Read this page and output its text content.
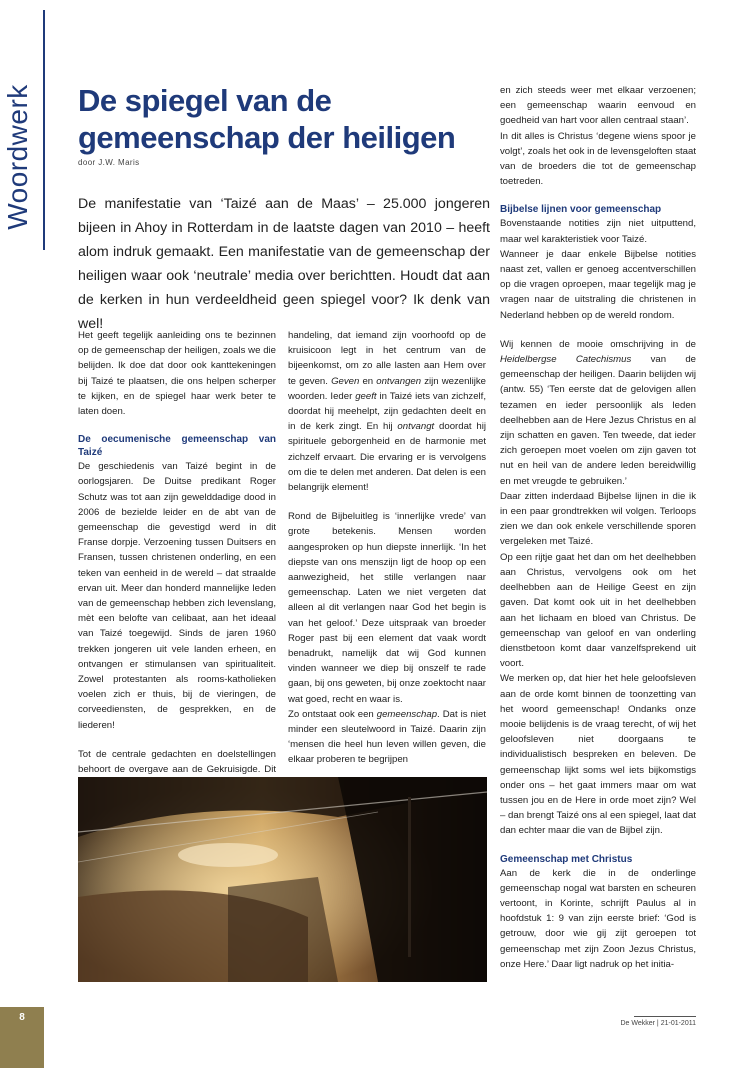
Woordwerk De spiegel van de gemeenschap der heiligen
door J.W. Maris

De manifestatie van ‘Taizé aan de Maas’ – 25.000 jongeren bijeen in Ahoy in Rotterdam in de laatste dagen van 2010 – heeft alom indruk gemaakt. Een manifestatie van de gemeenschap der heiligen waar ook ‘neutrale’ media over berichtten. Houdt dat aan de kerken in hun verdeeldheid geen spiegel voor? Ik denk van wel!

Het geeft tegelijk aanleiding ons te bezinnen op de gemeenschap der heiligen, zoals we die belijden. Ik doe dat door ook kanttekeningen bij Taizé te plaatsen, die ons helpen scherper te kijken, en de spiegel haar werk beter te laten doen.

De oecumenische gemeenschap van Taizé

De geschiedenis van Taizé begint in de oorlogsjaren. De Duitse predikant Roger Schutz was tot aan zijn gewelddadige dood in 2006 de bezielde leider en de abt van de gemeenschap die gevestigd werd in dit Franse dorpje. Verzoening tussen Duitsers en Fransen, tussen christenen onderling, en een teken van eenheid in de wereld – dat straalde ervan uit. Meer dan honderd mannelijke leden van de gemeenschap hebben zich levenslang, mèt een belofte van celibaat, aan het ideaal van Taizé toegewijd. Sinds de jaren 1960 trekken jongeren uit vele landen erheen, en ontvangen er stimulansen van spiritualiteit. Zowel protestanten als rooms-katholieken voelen zich er thuis, bij de vieringen, de corveediensten, de gesprekken, en de liederen!

Tot de centrale gedachten en doelstellingen behoort de overgave aan de Gekruisigde. Dit

handeling, dat iemand zijn voorhoofd op de kruisicoon legt in het centrum van de bijeenkomst, om zo alle lasten aan Hem over te geven. Geven en ontvangen zijn wezenlijke woorden. Ieder geeft in Taizé iets van zichzelf, doordat hij meehelpt, zijn gedachten deelt en in de kerk zingt. En hij ontvangt doordat hij spirituele geborgenheid en de harmonie met zichzelf ervaart. Die ervaring er is vervolgens om die te delen met anderen. Dat delen is een belangrijk element!

Rond de Bijbeluitleg is ‘innerlijke vrede’ van grote betekenis. Mensen worden aangesproken op hun diepste innerlijk. ‘In het diepste van ons menszijn ligt de hoop op een aanwezigheid, het stille verlangen naar gemeenschap. Laten we niet vergeten dat alleen al dit verlangen naar God het begin is van het geloof.’ Deze uitspraak van broeder Roger past bij een element dat vaak wordt benadrukt, namelijk dat wij God kunnen vinden wanneer we diep bij onszelf te rade gaan, bij ons geweten, bij onze zoektocht naar wat goed, recht en waar is.

Zo ontstaat ook een gemeenschap. Dat is niet minder een sleutelwoord in Taizé. Daarin zijn ‘mensen die heel hun leven willen geven, die elkaar proberen te begrijpen

en zich steeds weer met elkaar verzoenen; een gemeenschap waarin eenvoud en goedheid van hart voor allen centraal staan’.

In dit alles is Christus ‘degene wiens spoor je volgt’, zoals het ook in de levensgeloften staat van de broeders die tot de gemeenschap toetreden.

Bijbelse lijnen voor gemeenschap

Bovenstaande notities zijn niet uitputtend, maar wel karakteristiek voor Taizé.

Wanneer je daar enkele Bijbelse notities naast zet, vallen er genoeg accentverschillen op die vragen oproepen, maar tegelijk mag je vragen naar de uitstraling die christenen in Nederland hebben op de wereld rondom.

Wij kennen de mooie omschrijving in de Heidelbergse Catechismus van de gemeenschap der heiligen. Daarin belijden wij (antw. 55) ‘Ten eerste dat de gelovigen allen tezamen en ieder persoonlijk als leden deelhebben aan de Here Jezus Christus en al zijn schatten en gaven. Ten tweede, dat ieder zich geroepen moet voelen om zijn gaven tot nut en heil van de andere leden bereidwillig en met vreugde te gebruiken.’

Daar zitten inderdaad Bijbelse lijnen in die ik in een paar grondtrekken wil volgen. Terloops zien we dan ook enkele verschillende sporen vergeleken met Taizé.

Op een rijtje gaat het dan om het deelhebben aan Christus, vervolgens ook om het deelhebben aan de Heilige Geest en zijn gaven. Dat komt ook uit in het deelhebben aan het lichaam en bloed van Christus. De gemeenschap van geloof en van onderling dienstbetoon komt daar vanzelfsprekend uit voort.

We merken op, dat hier het hele geloofsleven aan de orde komt binnen de toonzetting van het woord gemeenschap! Ondanks onze mooie belijdenis is de vraag terecht, of wij het geloofsleven niet doorgaans te individualistisch bespreken en beleven. De gemeenschap lijkt soms wel iets bijkomstigs onder ons – het gaat immers maar om wat tussen jou en de Here in orde moet zijn? Wel – dan brengt Taizé ons al een spiegel, laat dat dan echter maar die van de Bijbel zijn.

Gemeenschap met Christus

Aan de kerk die in de onderlinge gemeenschap nogal wat barsten en scheuren vertoont, in Korinte, schrijft Paulus al in hoofdstuk 1: 9 van zijn eerste brief: ‘God is getrouw, door wie gij zijt geroepen tot gemeenschap met zijn Zoon Jezus Christus, onze Here.’ Daar ligt nadruk op het initia-

8
De Wekker | 21-01-2011
